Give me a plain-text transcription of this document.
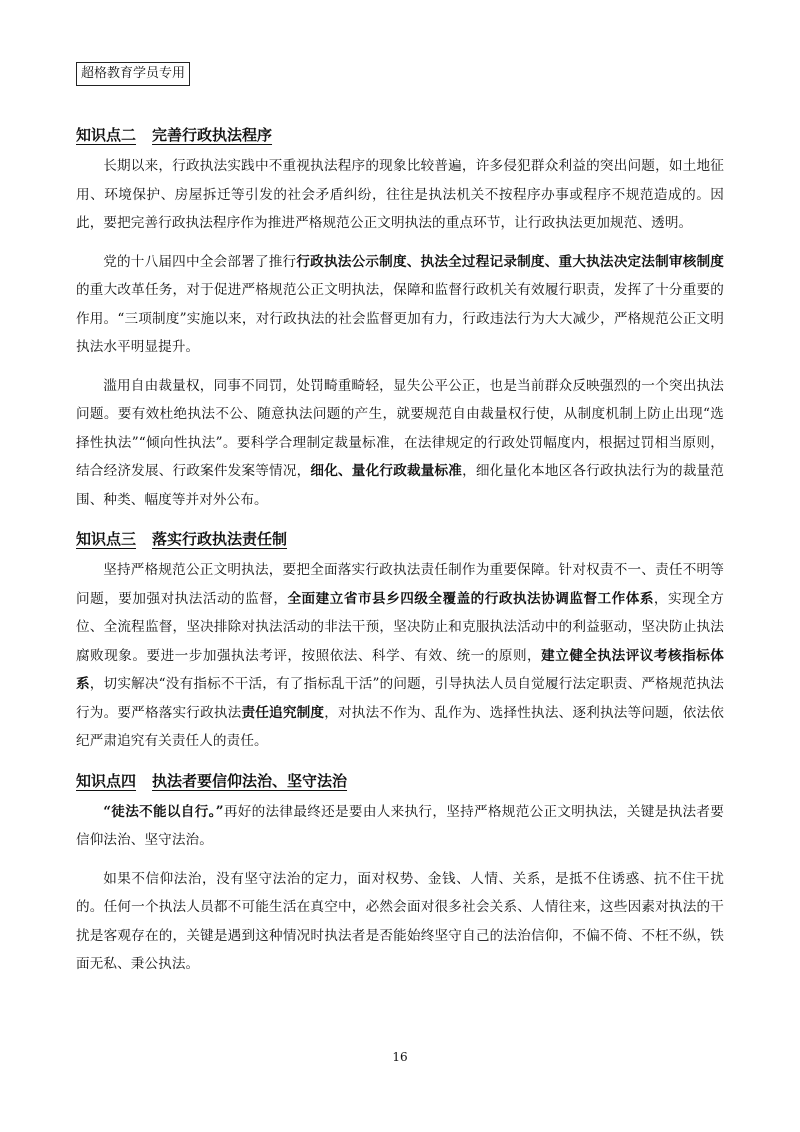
超格教育学员专用
知识点二 完善行政执法程序

长期以来，行政执法实践中不重视执法程序的现象比较普遍，许多侵犯群众利益的突出问题，如土地征用、环境保护、房屋拆迁等引发的社会矛盾纠纷，往往是执法机关不按程序办事或程序不规范造成的。因此，要把完善行政执法程序作为推进严格规范公正文明执法的重点环节，让行政执法更加规范、透明。

党的十八届四中全会部署了推行行政执法公示制度、执法全过程记录制度、重大执法决定法制审核制度的重大改革任务，对于促进严格规范公正文明执法，保障和监督行政机关有效履行职责，发挥了十分重要的作用。“三项制度”实施以来，对行政执法的社会监督更加有力，行政违法行为大大减少，严格规范公正文明执法水平明显提升。

滥用自由裁量权，同事不同罚，处罚畸重畸轻，显失公平公正，也是当前群众反映强烈的一个突出执法问题。要有效杜绝执法不公、随意执法问题的产生，就要规范自由裁量权行使，从制度机制上防止出现“选择性执法”“倾向性执法”。要科学合理制定裁量标准，在法律规定的行政处罚幅度内，根据过罚相当原则，结合经济发展、行政案件发案等情况，细化、量化行政裁量标准，细化量化本地区各行政执法行为的裁量范围、种类、幅度等并对外公布。

知识点三 落实行政执法责任制

坚持严格规范公正文明执法，要把全面落实行政执法责任制作为重要保障。针对权责不一、责任不明等问题，要加强对执法活动的监督，全面建立省市县乡四级全覆盖的行政执法协调监督工作体系，实现全方位、全流程监督，坚决排除对执法活动的非法干预，坚决防止和克服执法活动中的利益驱动，坚决防止执法腐败现象。要进一步加强执法考评，按照依法、科学、有效、统一的原则，建立健全执法评议考核指标体系，切实解决“没有指标不干活，有了指标乱干活”的问题，引导执法人员自觉履行法定职责、严格规范执法行为。要严格落实行政执法责任追究制度，对执法不作为、乱作为、选择性执法、逐利执法等问题，依法依纪严肃追究有关责任人的责任。

知识点四 执法者要信仰法治、坚守法治

“徒法不能以自行。”再好的法律最终还是要由人来执行，坚持严格规范公正文明执法，关键是执法者要信仰法治、坚守法治。

如果不信仰法治，没有坚守法治的定力，面对权势、金钱、人情、关系，是抵不住诱惑、抗不住干扰的。任何一个执法人员都不可能生活在真空中，必然会面对很多社会关系、人情往来，这些因素对执法的干扰是客观存在的，关键是遇到这种情况时执法者是否能始终坚守自己的法治信仰，不偏不倚、不枉不纵，铁面无私、秉公执法。

16
